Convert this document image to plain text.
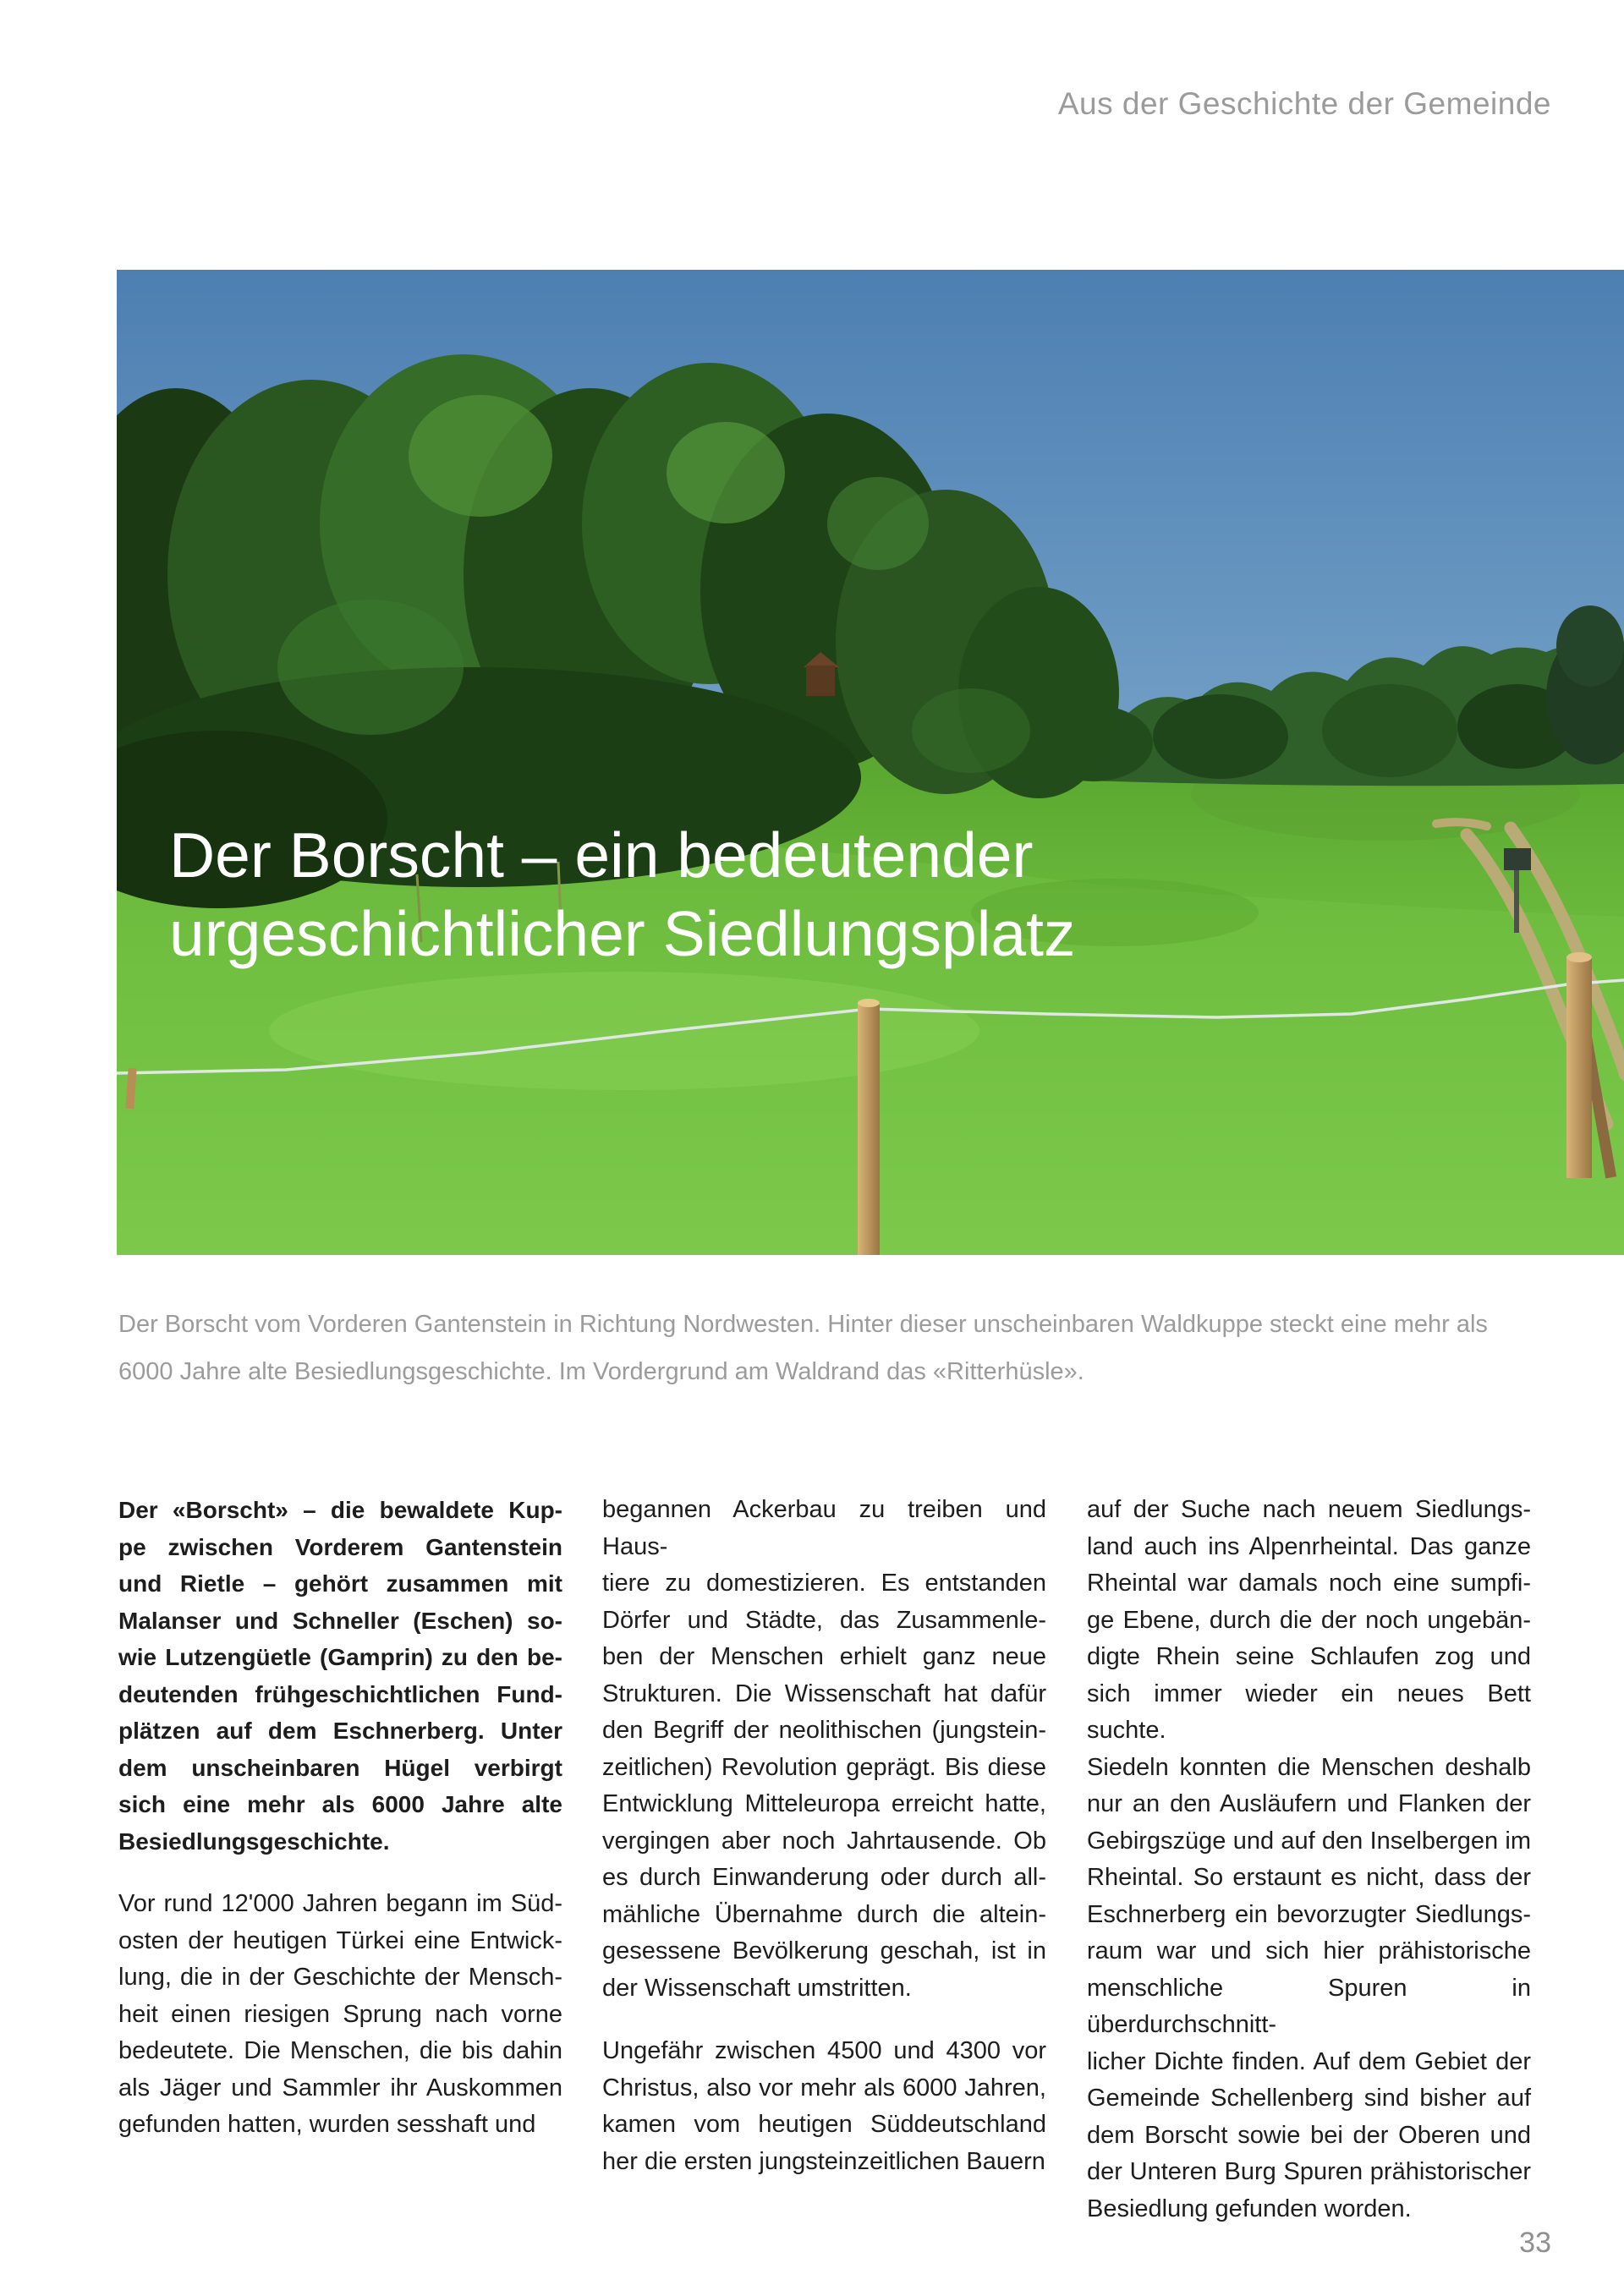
Aus der Geschichte der Gemeinde
Der Borscht – ein bedeutender
urgeschichtlicher Siedlungsplatz
Der Borscht vom Vorderen Gantenstein in Richtung Nordwesten. Hinter dieser unscheinbaren Waldkuppe steckt eine mehr als
6000 Jahre alte Besiedlungsgeschichte. Im Vordergrund am Waldrand das «Ritterhüsle».
Der «Borscht» – die bewaldete Kup-
pe zwischen Vorderem Gantenstein
und Rietle – gehört zusammen mit
Malanser und Schneller (Eschen) so-
wie Lutzengüetle (Gamprin) zu den be-
deutenden frühgeschichtlichen Fund-
plätzen auf dem Eschnerberg. Unter
dem unscheinbaren Hügel verbirgt
sich eine mehr als 6000 Jahre alte
Besiedlungsgeschichte.
Vor rund 12'000 Jahren begann im Süd-
osten der heutigen Türkei eine Entwick-
lung, die in der Geschichte der Mensch-
heit einen riesigen Sprung nach vorne
bedeutete. Die Menschen, die bis dahin
als Jäger und Sammler ihr Auskommen
gefunden hatten, wurden sesshaft und
begannen Ackerbau zu treiben und Haus-
tiere zu domestizieren. Es entstanden
Dörfer und Städte, das Zusammenle-
ben der Menschen erhielt ganz neue
Strukturen. Die Wissenschaft hat dafür
den Begriff der neolithischen (jungstein-
zeitlichen) Revolution geprägt. Bis diese
Entwicklung Mitteleuropa erreicht hatte,
vergingen aber noch Jahrtausende. Ob
es durch Einwanderung oder durch all-
mähliche Übernahme durch die altein-
gesessene Bevölkerung geschah, ist in
der Wissenschaft umstritten.
Ungefähr zwischen 4500 und 4300 vor
Christus, also vor mehr als 6000 Jahren,
kamen vom heutigen Süddeutschland
her die ersten jungsteinzeitlichen Bauern
auf der Suche nach neuem Siedlungs-
land auch ins Alpenrheintal. Das ganze
Rheintal war damals noch eine sumpfi-
ge Ebene, durch die der noch ungebän-
digte Rhein seine Schlaufen zog und
sich immer wieder ein neues Bett suchte.
Siedeln konnten die Menschen deshalb
nur an den Ausläufern und Flanken der
Gebirgszüge und auf den Inselbergen im
Rheintal. So erstaunt es nicht, dass der
Eschnerberg ein bevorzugter Siedlungs-
raum war und sich hier prähistorische
menschliche Spuren in überdurchschnitt-
licher Dichte finden. Auf dem Gebiet der
Gemeinde Schellenberg sind bisher auf
dem Borscht sowie bei der Oberen und
der Unteren Burg Spuren prähistorischer
Besiedlung gefunden worden.
33
